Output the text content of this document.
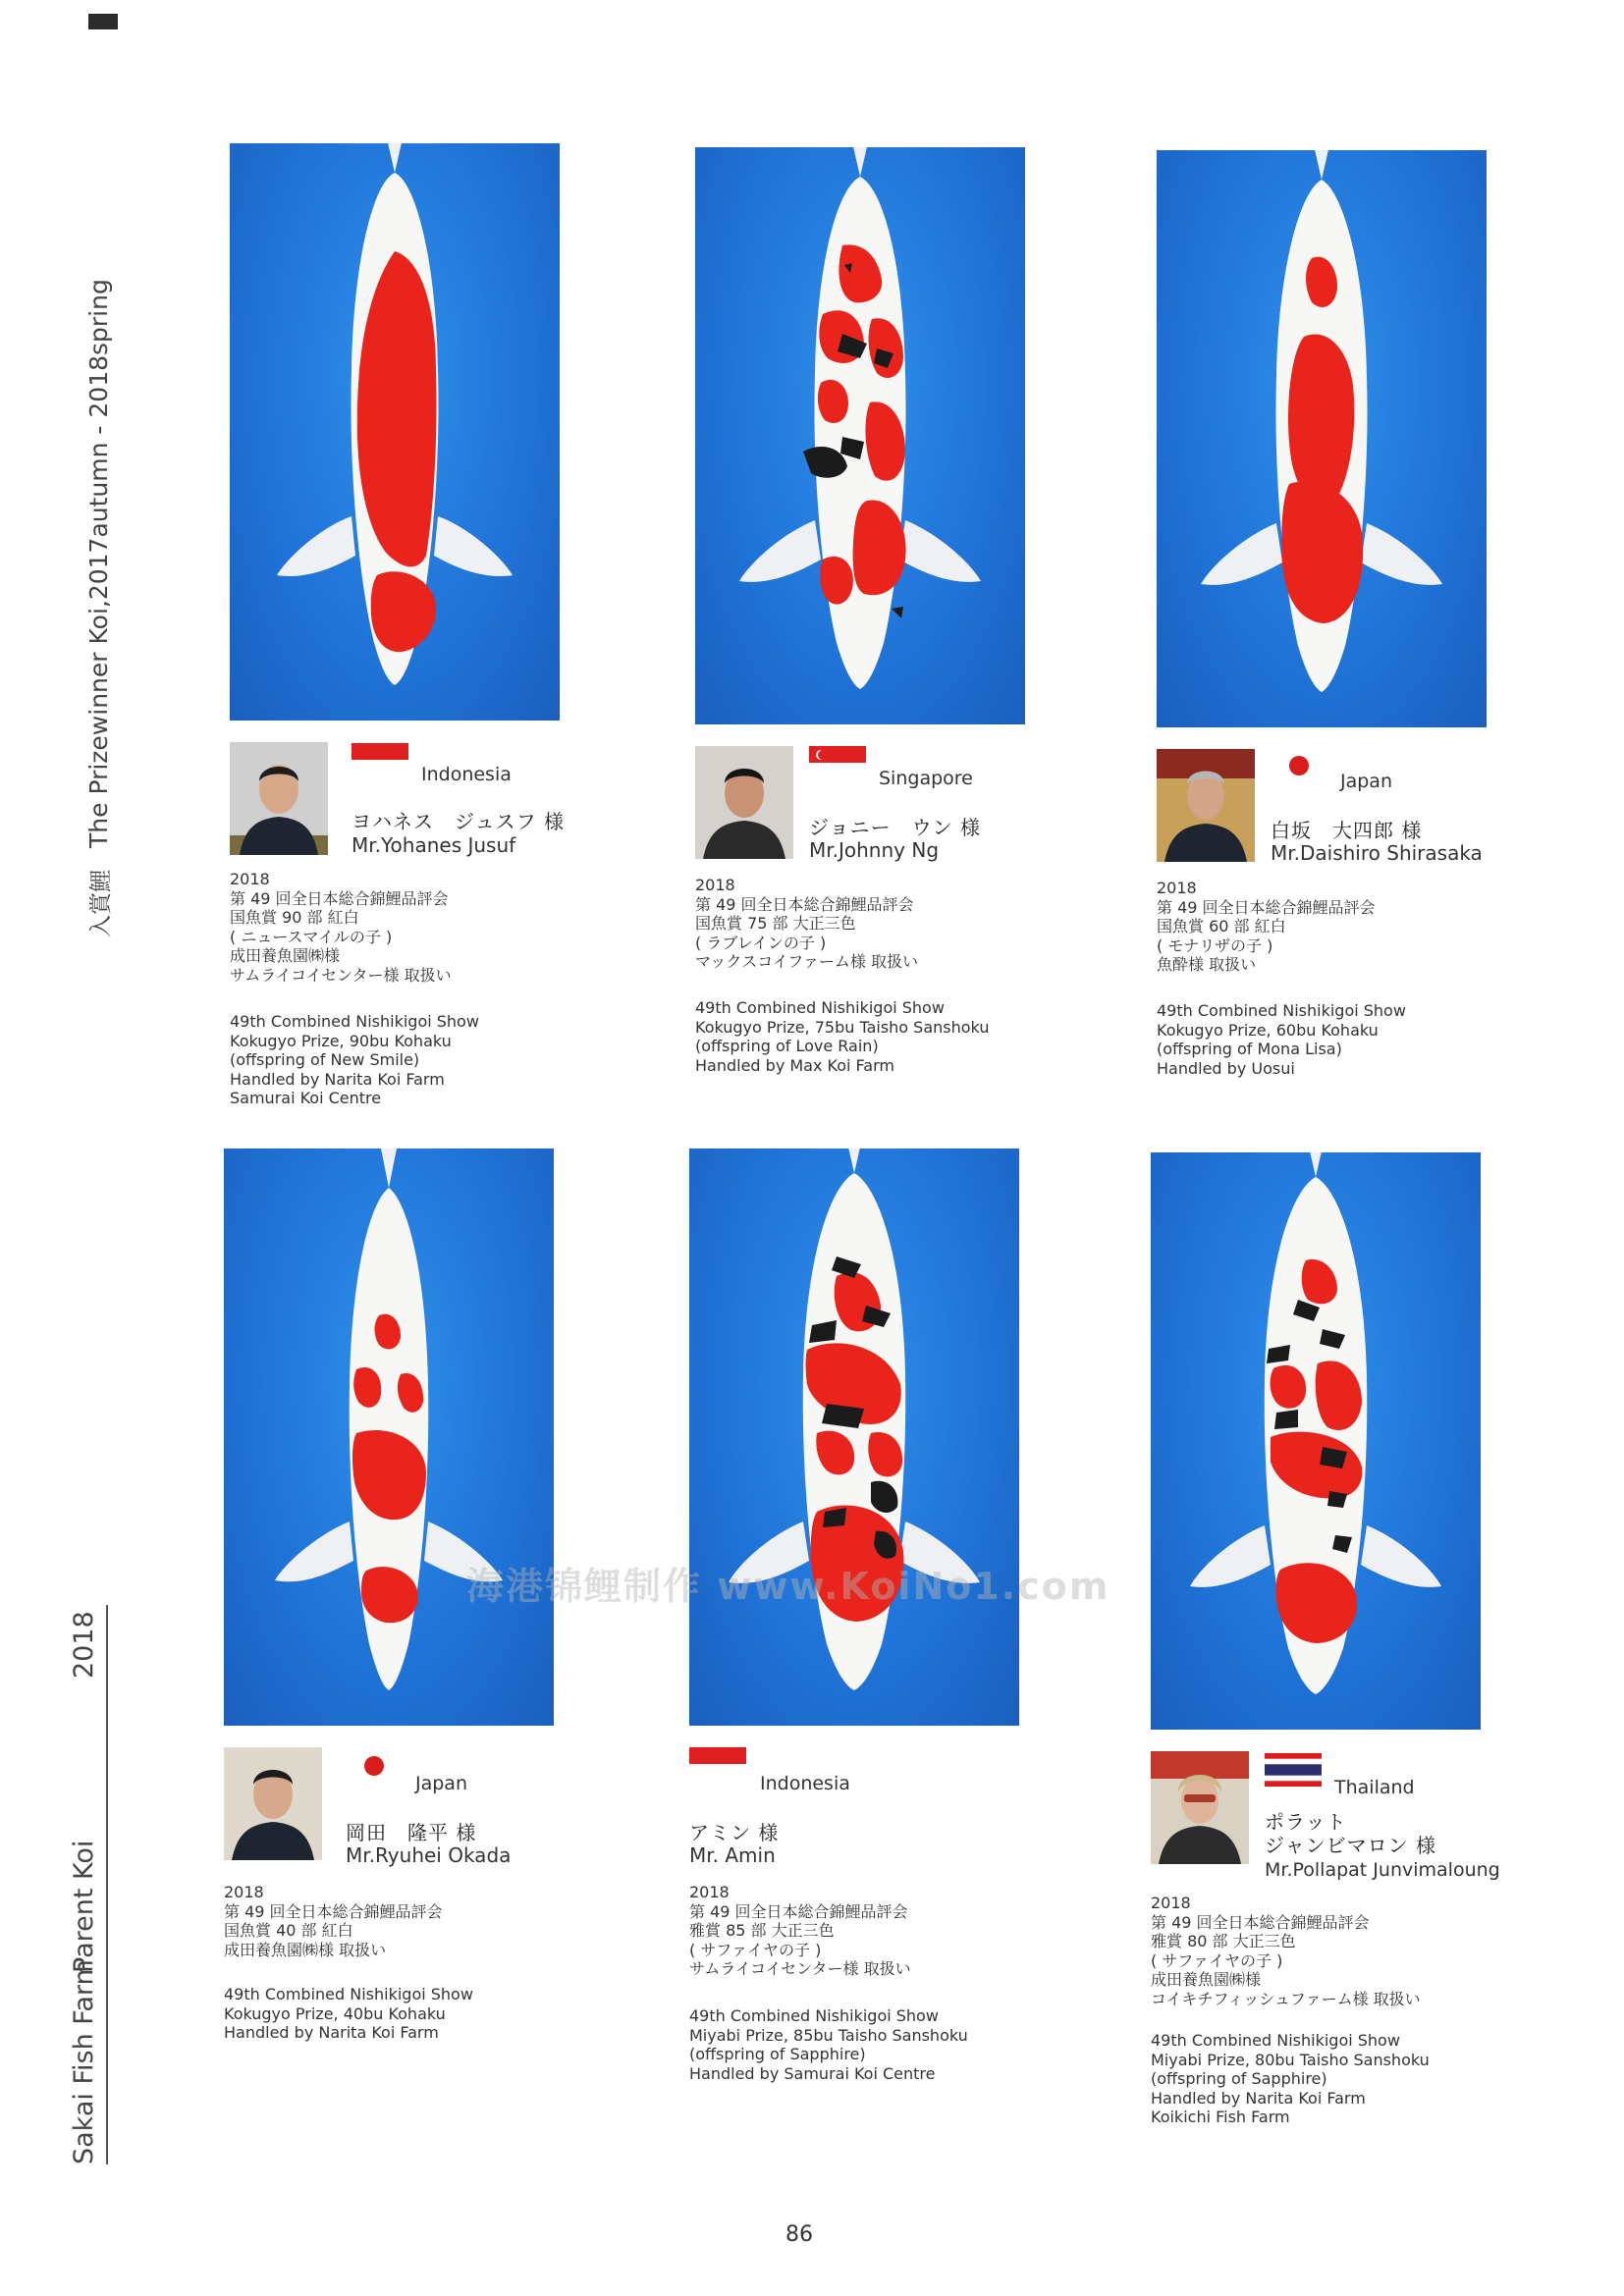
入賞鯉
The Prizewinner Koi,2017autumn - 2018spring
Sakai Fish Farm
Parent Koi
2018
Indonesia
ヨハネス　ジュスフ 様
Mr.Yohanes Jusuf
2018
第 49 回全日本総合錦鯉品評会
国魚賞 90 部 紅白
( ニュースマイルの子 )
成田養魚園㈱様
サムライコイセンター様 取扱い
49th Combined Nishikigoi Show
Kokugyo Prize, 90bu Kohaku
(offspring of New Smile)
Handled by Narita Koi Farm
Samurai Koi Centre
Singapore
ジョニー　ウン 様
Mr.Johnny Ng
2018
第 49 回全日本総合錦鯉品評会
国魚賞 75 部 大正三色
( ラブレインの子 )
マックスコイファーム様 取扱い
49th Combined Nishikigoi Show
Kokugyo Prize, 75bu Taisho Sanshoku
(offspring of Love Rain)
Handled by Max Koi Farm
Japan
白坂　大四郎 様
Mr.Daishiro Shirasaka
2018
第 49 回全日本総合錦鯉品評会
国魚賞 60 部 紅白
( モナリザの子 )
魚酔様 取扱い
49th Combined Nishikigoi Show
Kokugyo Prize, 60bu Kohaku
(offspring of Mona Lisa)
Handled by Uosui
Japan
岡田　隆平 様
Mr.Ryuhei Okada
2018
第 49 回全日本総合錦鯉品評会
国魚賞 40 部 紅白
成田養魚園㈱様 取扱い
49th Combined Nishikigoi Show
Kokugyo Prize, 40bu Kohaku
Handled by Narita Koi Farm
Indonesia
アミン 様
Mr. Amin
2018
第 49 回全日本総合錦鯉品評会
雅賞 85 部 大正三色
( サファイヤの子 )
サムライコイセンター様 取扱い
49th Combined Nishikigoi Show
Miyabi Prize, 85bu Taisho Sanshoku
(offspring of Sapphire)
Handled by Samurai Koi Centre
Thailand
ポラット
ジャンビマロン 様
Mr.Pollapat Junvimaloung
2018
第 49 回全日本総合錦鯉品評会
雅賞 80 部 大正三色
( サファイヤの子 )
成田養魚園㈱様
コイキチフィッシュファーム様 取扱い
49th Combined Nishikigoi Show
Miyabi Prize, 80bu Taisho Sanshoku
(offspring of Sapphire)
Handled by Narita Koi Farm
Koikichi Fish Farm
海港锦鲤制作 www.KoiNo1.com
86
